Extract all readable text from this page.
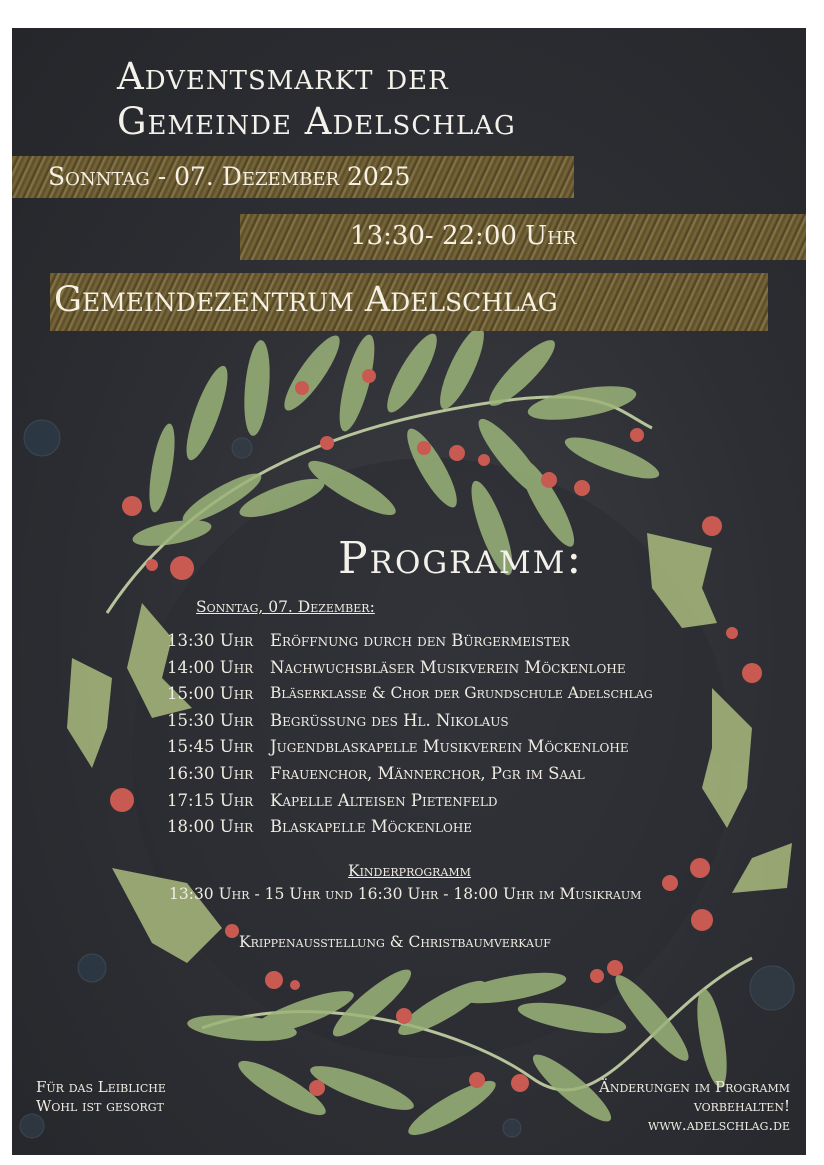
Adventsmarkt der
Gemeinde Adelschlag
Sonntag - 07. Dezember 2025
13:30- 22:00 Uhr
Gemeindezentrum Adelschlag
Programm:
Sonntag, 07. Dezember:
13:30 Uhr	Eröffnung durch den Bürgermeister
14:00 Uhr	Nachwuchsbläser Musikverein Möckenlohe
15:00 Uhr	Bläserklasse & Chor der Grundschule Adelschlag
15:30 Uhr	Begrüssung des Hl. Nikolaus
15:45 Uhr	Jugendblaskapelle Musikverein Möckenlohe
16:30 Uhr	Frauenchor, Männerchor, Pgr im Saal
17:15 Uhr	Kapelle Alteisen Pietenfeld
18:00 Uhr	Blaskapelle Möckenlohe
Kinderprogramm
13:30 Uhr - 15 Uhr und 16:30 Uhr - 18:00 Uhr im Musikraum
Krippenausstellung & Christbaumverkauf
Für das Leibliche
Wohl ist gesorgt
Änderungen im Programm
vorbehalten!
www.adelschlag.de
